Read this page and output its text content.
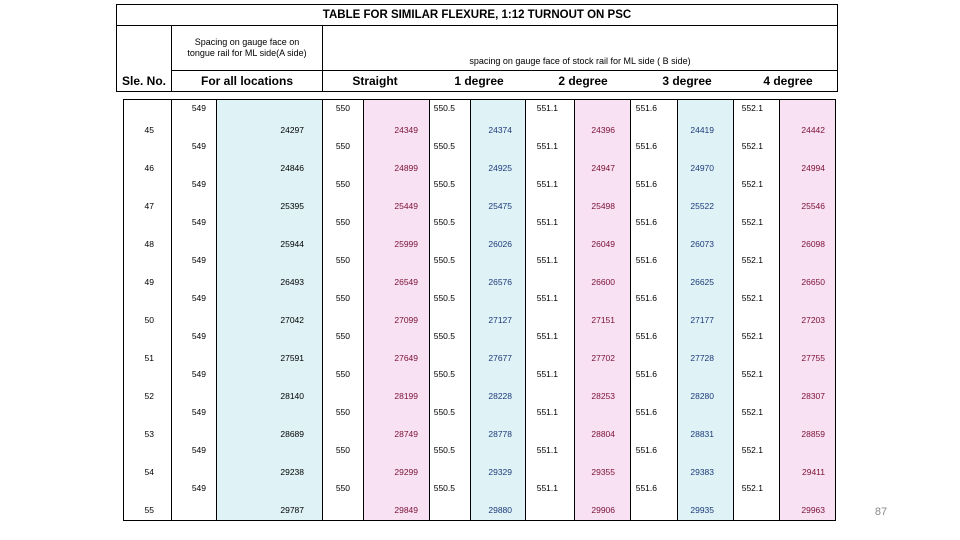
TABLE FOR SIMILAR FLEXURE, 1:12 TURNOUT ON PSC
Sle. No.
Spacing on gauge face on tongue rail for ML side(A side)
spacing on gauge face of stock rail for ML side ( B side)
For all locations	Straight	1 degree	2 degree	3 degree	4 degree
549	550	550.5	551.1	551.6	552.1
45	24297	24349	24374	24396	24419	24442
549	550	550.5	551.1	551.6	552.1
46	24846	24899	24925	24947	24970	24994
549	550	550.5	551.1	551.6	552.1
47	25395	25449	25475	25498	25522	25546
549	550	550.5	551.1	551.6	552.1
48	25944	25999	26026	26049	26073	26098
549	550	550.5	551.1	551.6	552.1
49	26493	26549	26576	26600	26625	26650
549	550	550.5	551.1	551.6	552.1
50	27042	27099	27127	27151	27177	27203
549	550	550.5	551.1	551.6	552.1
51	27591	27649	27677	27702	27728	27755
549	550	550.5	551.1	551.6	552.1
52	28140	28199	28228	28253	28280	28307
549	550	550.5	551.1	551.6	552.1
53	28689	28749	28778	28804	28831	28859
549	550	550.5	551.1	551.6	552.1
54	29238	29299	29329	29355	29383	29411
549	550	550.5	551.1	551.6	552.1
55	29787	29849	29880	29906	29935	29963	87
